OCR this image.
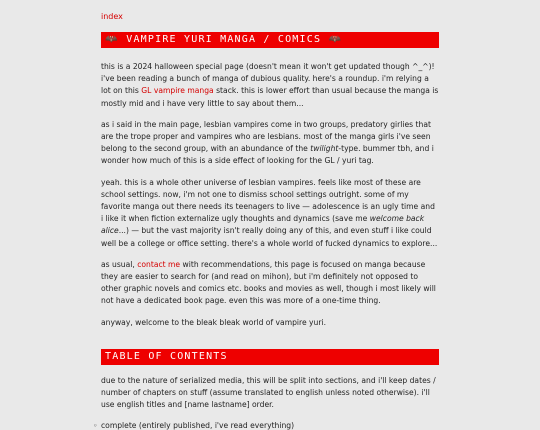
index
🦇 VAMPIRE YURI MANGA / COMICS 🦇

this is a 2024 halloween special page (doesn't mean it won't get updated though ^_^)! i've been reading a bunch of manga of dubious quality. here's a roundup. i'm relying a lot on this GL vampire manga stack. this is lower effort than usual because the manga is mostly mid and i have very little to say about them...

as i said in the main page, lesbian vampires come in two groups, predatory girlies that are the trope proper and vampires who are lesbians. most of the manga girls i've seen belong to the second group, with an abundance of the twilight-type. bummer tbh, and i wonder how much of this is a side effect of looking for the GL / yuri tag.

yeah. this is a whole other universe of lesbian vampires. feels like most of these are school settings. now, i'm not one to dismiss school settings outright. some of my favorite manga out there needs its teenagers to live — adolescence is an ugly time and i like it when fiction externalize ugly thoughts and dynamics (save me welcome back alice...) — but the vast majority isn't really doing any of this, and even stuff i like could well be a college or office setting. there's a whole world of fucked dynamics to explore...

as usual, contact me with recommendations, this page is focused on manga because they are easier to search for (and read on mihon), but i'm definitely not opposed to other graphic novels and comics etc. books and movies as well, though i most likely will not have a dedicated book page. even this was more of a one-time thing.

anyway, welcome to the bleak bleak world of vampire yuri.

TABLE OF CONTENTS

due to the nature of serialized media, this will be split into sections, and i'll keep dates / number of chapters on stuff (assume translated to english unless noted otherwise). i'll use english titles and [name lastname] order.

◦ complete (entirely published, i've read everything)
